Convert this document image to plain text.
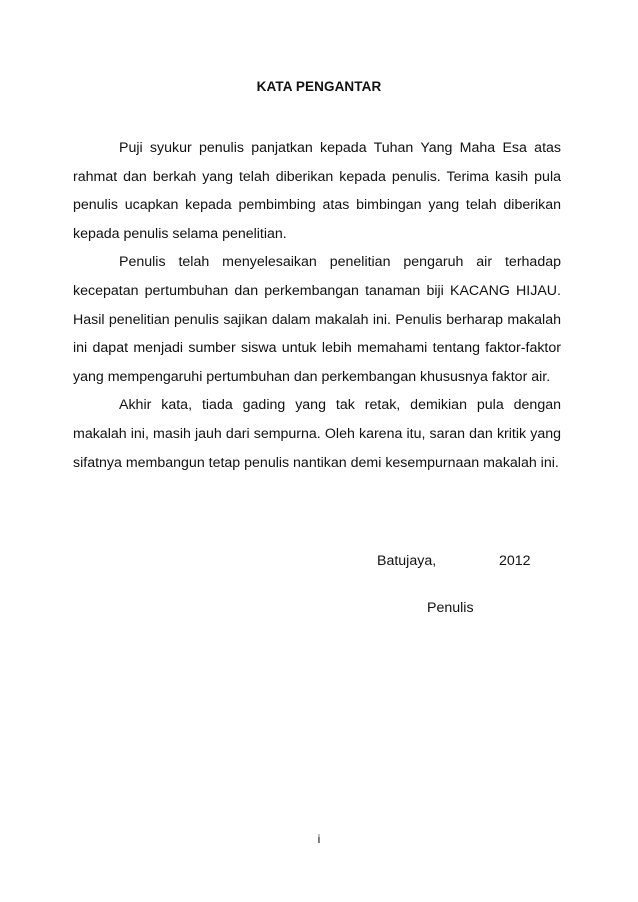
KATA PENGANTAR

Puji syukur penulis panjatkan kepada Tuhan Yang Maha Esa atas rahmat dan berkah yang telah diberikan kepada penulis. Terima kasih pula penulis ucapkan kepada pembimbing atas bimbingan yang telah diberikan kepada penulis selama penelitian.

Penulis telah menyelesaikan penelitian pengaruh air terhadap kecepatan pertumbuhan dan perkembangan tanaman biji KACANG HIJAU. Hasil penelitian penulis sajikan dalam makalah ini. Penulis berharap makalah ini dapat menjadi sumber siswa untuk lebih memahami tentang faktor-faktor yang mempengaruhi pertumbuhan dan perkembangan khususnya faktor air.

Akhir kata, tiada gading yang tak retak, demikian pula dengan makalah ini, masih jauh dari sempurna. Oleh karena itu, saran dan kritik yang sifatnya membangun tetap penulis nantikan demi kesempurnaan makalah ini.

Batujaya,	2012
Penulis
i
